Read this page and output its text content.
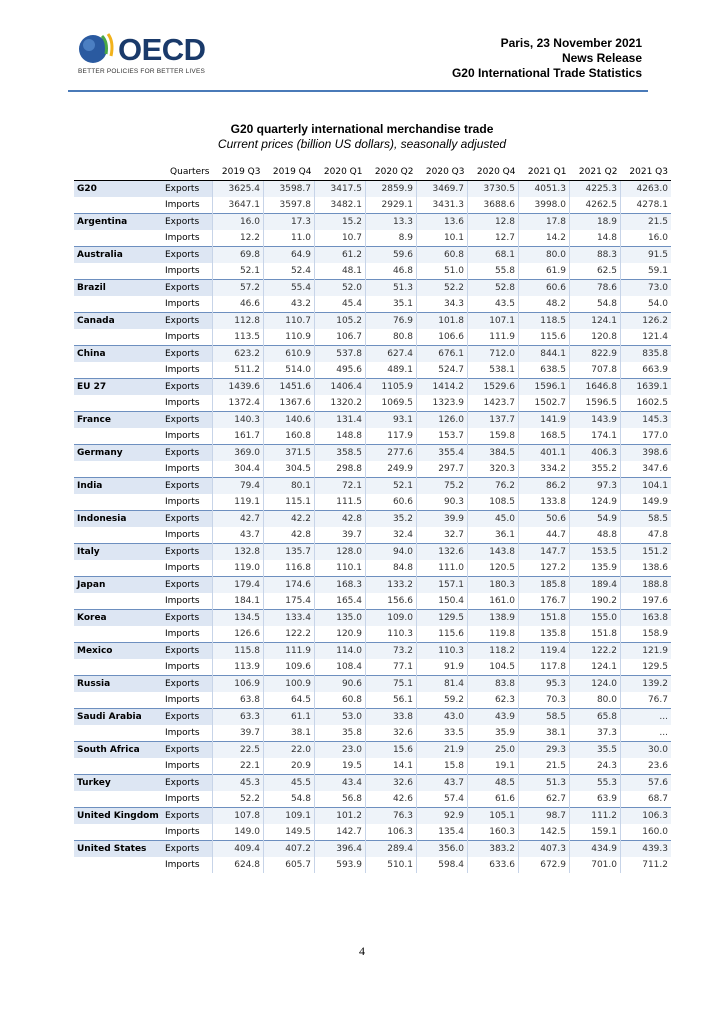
OECD
BETTER POLICIES FOR BETTER LIVES
Paris, 23 November 2021
News Release
G20 International Trade Statistics
G20 quarterly international merchandise trade
Current prices (billion US dollars), seasonally adjusted
	Quarters	2019 Q3	2019 Q4	2020 Q1	2020 Q2	2020 Q3	2020 Q4	2021 Q1	2021 Q2	2021 Q3
G20	Exports	3625.4	3598.7	3417.5	2859.9	3469.7	3730.5	4051.3	4225.3	4263.0
	Imports	3647.1	3597.8	3482.1	2929.1	3431.3	3688.6	3998.0	4262.5	4278.1
Argentina	Exports	16.0	17.3	15.2	13.3	13.6	12.8	17.8	18.9	21.5
	Imports	12.2	11.0	10.7	8.9	10.1	12.7	14.2	14.8	16.0
Australia	Exports	69.8	64.9	61.2	59.6	60.8	68.1	80.0	88.3	91.5
	Imports	52.1	52.4	48.1	46.8	51.0	55.8	61.9	62.5	59.1
Brazil	Exports	57.2	55.4	52.0	51.3	52.2	52.8	60.6	78.6	73.0
	Imports	46.6	43.2	45.4	35.1	34.3	43.5	48.2	54.8	54.0
Canada	Exports	112.8	110.7	105.2	76.9	101.8	107.1	118.5	124.1	126.2
	Imports	113.5	110.9	106.7	80.8	106.6	111.9	115.6	120.8	121.4
China	Exports	623.2	610.9	537.8	627.4	676.1	712.0	844.1	822.9	835.8
	Imports	511.2	514.0	495.6	489.1	524.7	538.1	638.5	707.8	663.9
EU 27	Exports	1439.6	1451.6	1406.4	1105.9	1414.2	1529.6	1596.1	1646.8	1639.1
	Imports	1372.4	1367.6	1320.2	1069.5	1323.9	1423.7	1502.7	1596.5	1602.5
France	Exports	140.3	140.6	131.4	93.1	126.0	137.7	141.9	143.9	145.3
	Imports	161.7	160.8	148.8	117.9	153.7	159.8	168.5	174.1	177.0
Germany	Exports	369.0	371.5	358.5	277.6	355.4	384.5	401.1	406.3	398.6
	Imports	304.4	304.5	298.8	249.9	297.7	320.3	334.2	355.2	347.6
India	Exports	79.4	80.1	72.1	52.1	75.2	76.2	86.2	97.3	104.1
	Imports	119.1	115.1	111.5	60.6	90.3	108.5	133.8	124.9	149.9
Indonesia	Exports	42.7	42.2	42.8	35.2	39.9	45.0	50.6	54.9	58.5
	Imports	43.7	42.8	39.7	32.4	32.7	36.1	44.7	48.8	47.8
Italy	Exports	132.8	135.7	128.0	94.0	132.6	143.8	147.7	153.5	151.2
	Imports	119.0	116.8	110.1	84.8	111.0	120.5	127.2	135.9	138.6
Japan	Exports	179.4	174.6	168.3	133.2	157.1	180.3	185.8	189.4	188.8
	Imports	184.1	175.4	165.4	156.6	150.4	161.0	176.7	190.2	197.6
Korea	Exports	134.5	133.4	135.0	109.0	129.5	138.9	151.8	155.0	163.8
	Imports	126.6	122.2	120.9	110.3	115.6	119.8	135.8	151.8	158.9
Mexico	Exports	115.8	111.9	114.0	73.2	110.3	118.2	119.4	122.2	121.9
	Imports	113.9	109.6	108.4	77.1	91.9	104.5	117.8	124.1	129.5
Russia	Exports	106.9	100.9	90.6	75.1	81.4	83.8	95.3	124.0	139.2
	Imports	63.8	64.5	60.8	56.1	59.2	62.3	70.3	80.0	76.7
Saudi Arabia	Exports	63.3	61.1	53.0	33.8	43.0	43.9	58.5	65.8	...
	Imports	39.7	38.1	35.8	32.6	33.5	35.9	38.1	37.3	...
South Africa	Exports	22.5	22.0	23.0	15.6	21.9	25.0	29.3	35.5	30.0
	Imports	22.1	20.9	19.5	14.1	15.8	19.1	21.5	24.3	23.6
Turkey	Exports	45.3	45.5	43.4	32.6	43.7	48.5	51.3	55.3	57.6
	Imports	52.2	54.8	56.8	42.6	57.4	61.6	62.7	63.9	68.7
United Kingdom	Exports	107.8	109.1	101.2	76.3	92.9	105.1	98.7	111.2	106.3
	Imports	149.0	149.5	142.7	106.3	135.4	160.3	142.5	159.1	160.0
United States	Exports	409.4	407.2	396.4	289.4	356.0	383.2	407.3	434.9	439.3
	Imports	624.8	605.7	593.9	510.1	598.4	633.6	672.9	701.0	711.2
4
